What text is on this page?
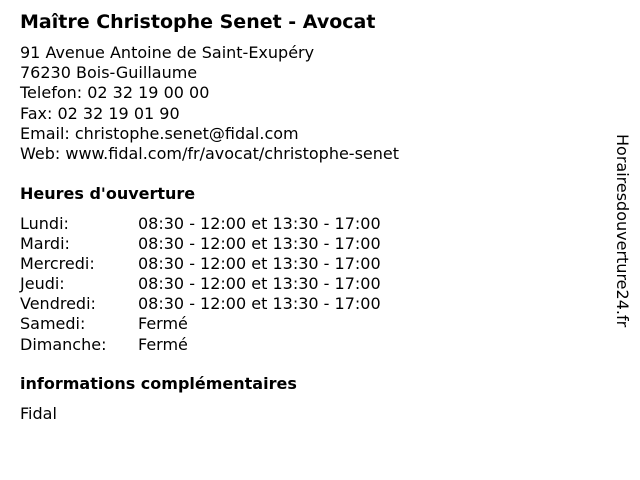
Maître Christophe Senet - Avocat
91 Avenue Antoine de Saint-Exupéry
76230 Bois-Guillaume
Telefon: 02 32 19 00 00
Fax: 02 32 19 01 90
Email: christophe.senet@fidal.com
Web: www.fidal.com/fr/avocat/christophe-senet
Heures d'ouverture
Lundi:	08:30 - 12:00 et 13:30 - 17:00
Mardi:	08:30 - 12:00 et 13:30 - 17:00
Mercredi:	08:30 - 12:00 et 13:30 - 17:00
Jeudi:	08:30 - 12:00 et 13:30 - 17:00
Vendredi:	08:30 - 12:00 et 13:30 - 17:00
Samedi:	Fermé
Dimanche:	Fermé
informations complémentaires
Fidal
Horairesdouverture24.fr
